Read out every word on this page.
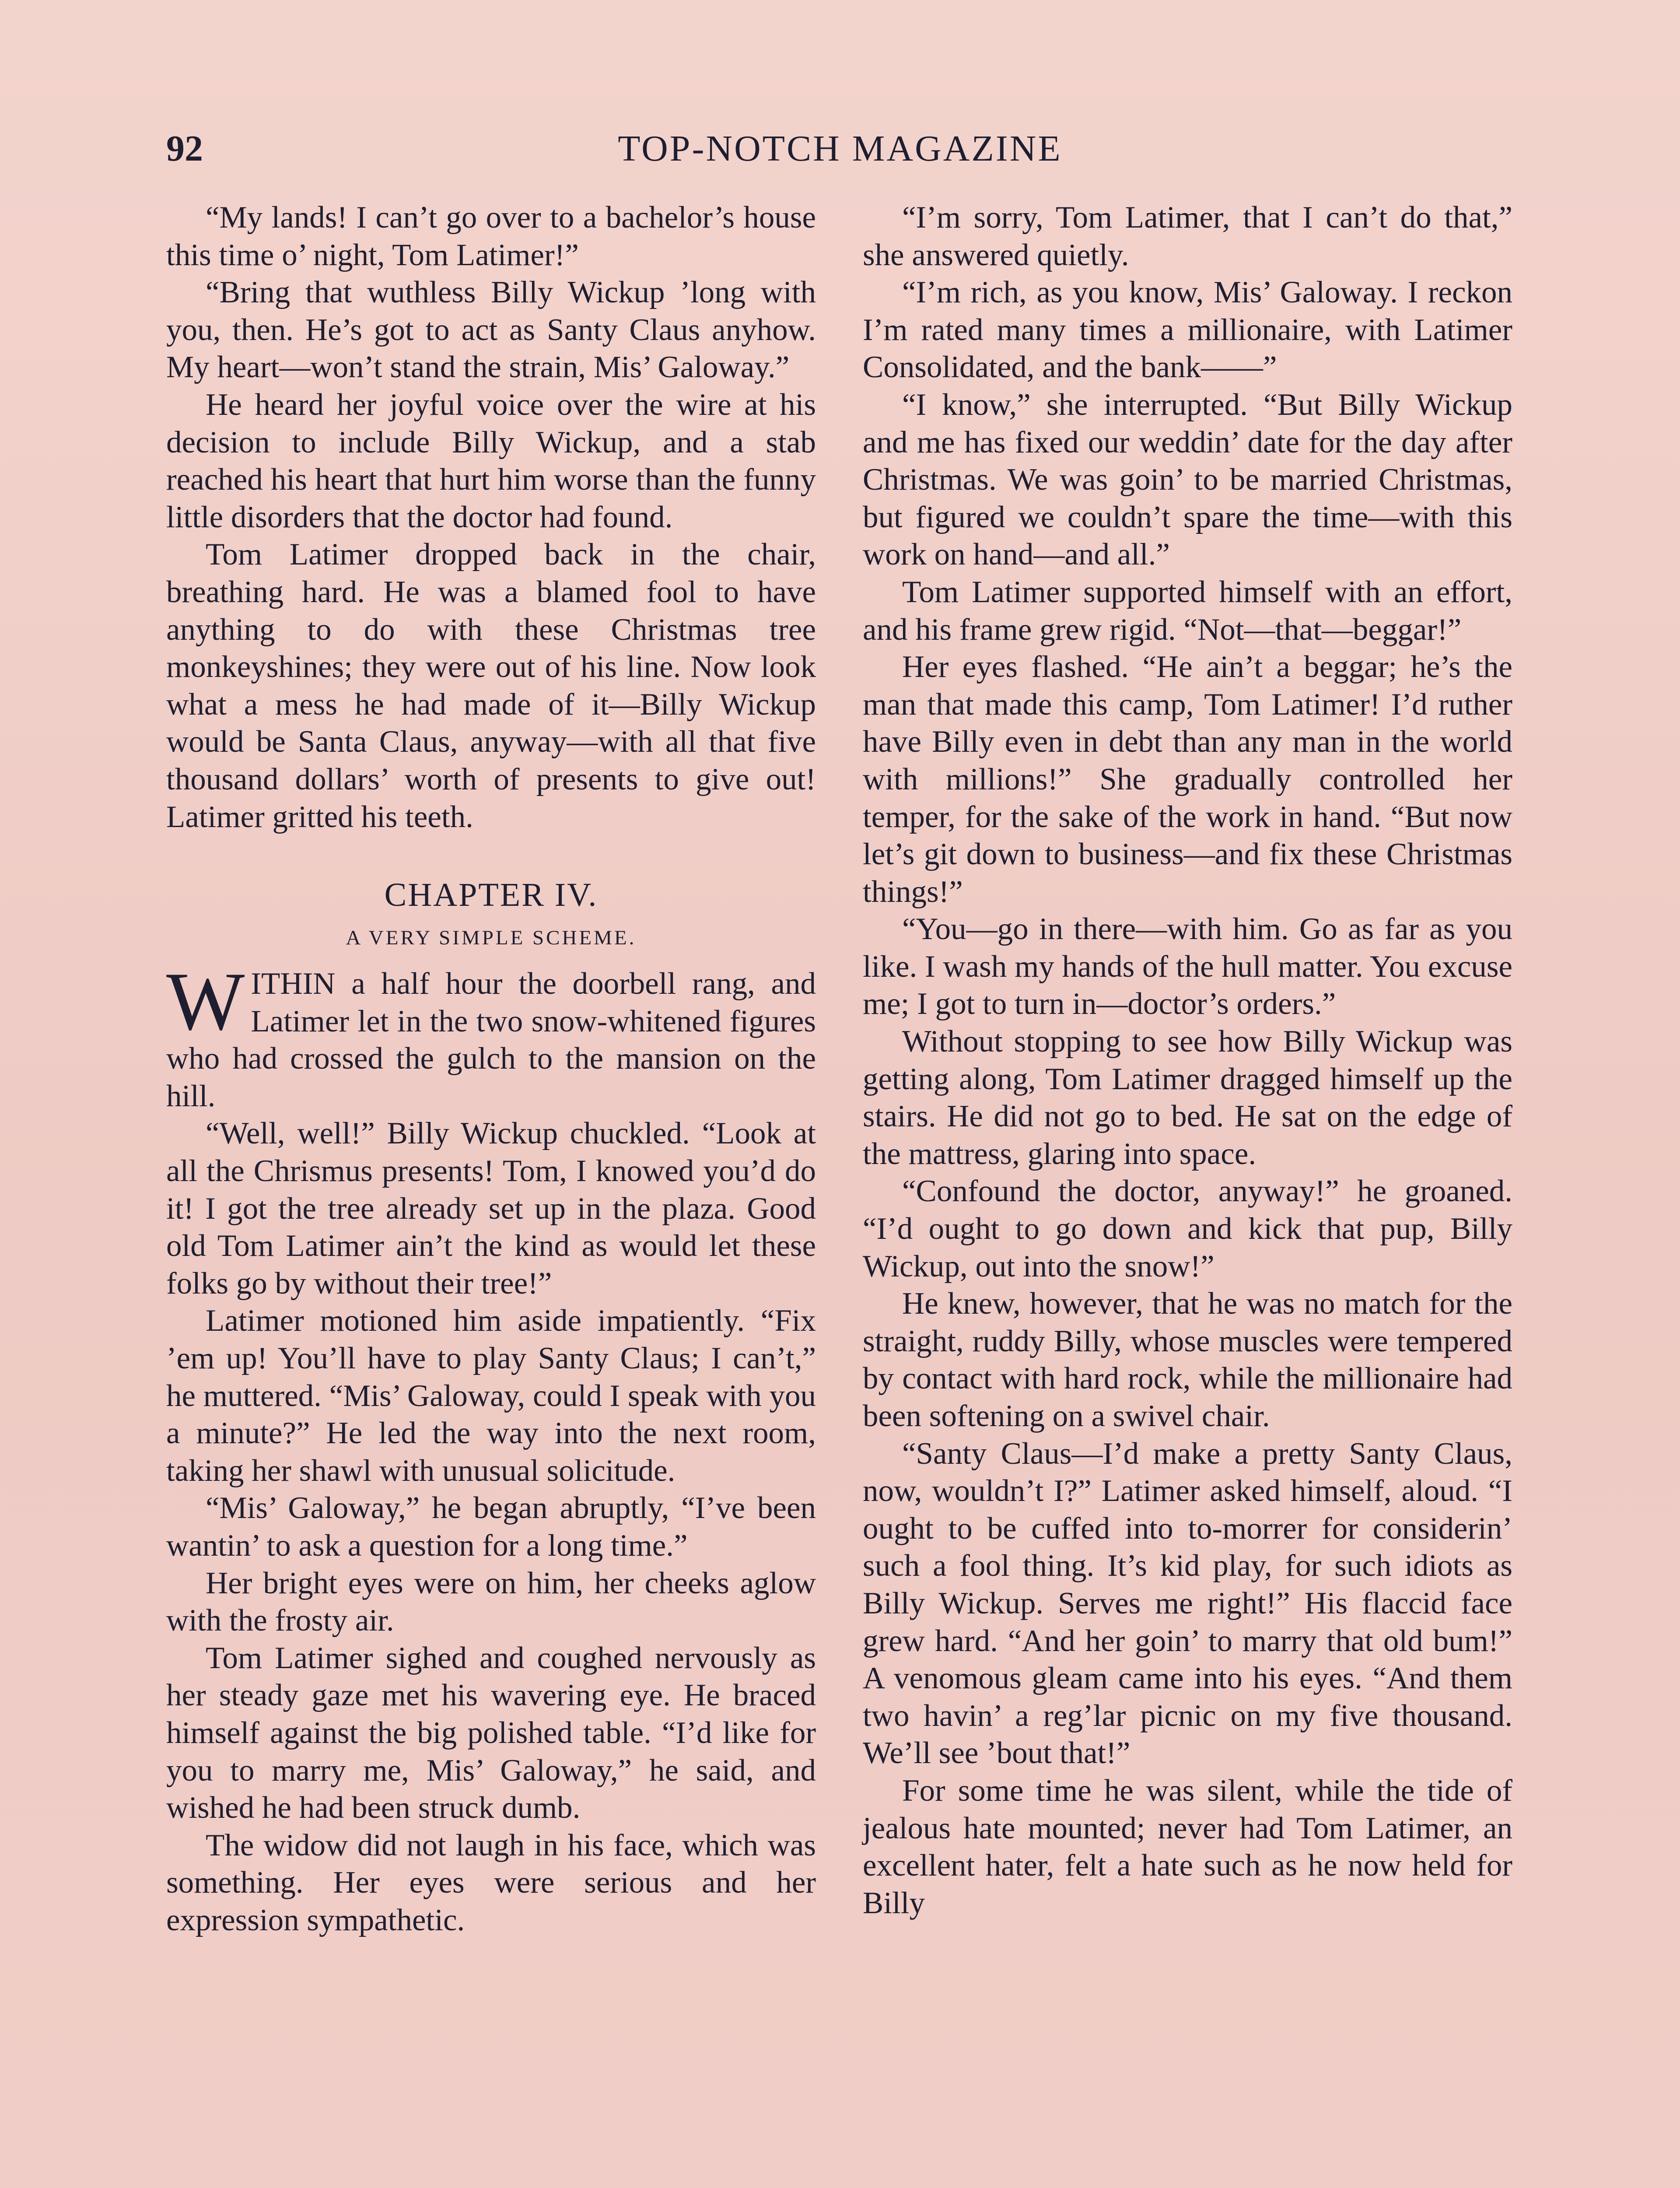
92	TOP-NOTCH MAGAZINE

“My lands! I can’t go over to a bachelor’s house this time o’ night, Tom Latimer!”

“Bring that wuthless Billy Wickup ’long with you, then. He’s got to act as Santy Claus anyhow. My heart—won’t stand the strain, Mis’ Galoway.”

He heard her joyful voice over the wire at his decision to include Billy Wickup, and a stab reached his heart that hurt him worse than the funny little disorders that the doctor had found.

Tom Latimer dropped back in the chair, breathing hard. He was a blamed fool to have anything to do with these Christmas tree monkeyshines; they were out of his line. Now look what a mess he had made of it—Billy Wickup would be Santa Claus, anyway—with all that five thousand dollars’ worth of presents to give out! Latimer gritted his teeth.

CHAPTER IV.
A VERY SIMPLE SCHEME.

WITHIN a half hour the doorbell rang, and Latimer let in the two snow-whitened figures who had crossed the gulch to the mansion on the hill.

“Well, well!” Billy Wickup chuckled. “Look at all the Chrismus presents! Tom, I knowed you’d do it! I got the tree already set up in the plaza. Good old Tom Latimer ain’t the kind as would let these folks go by without their tree!”

Latimer motioned him aside impatiently. “Fix ’em up! You’ll have to play Santy Claus; I can’t,” he muttered. “Mis’ Galoway, could I speak with you a minute?” He led the way into the next room, taking her shawl with unusual solicitude.

“Mis’ Galoway,” he began abruptly, “I’ve been wantin’ to ask a question for a long time.”

Her bright eyes were on him, her cheeks aglow with the frosty air.

Tom Latimer sighed and coughed nervously as her steady gaze met his wavering eye. He braced himself against the big polished table. “I’d like for you to marry me, Mis’ Galoway,” he said, and wished he had been struck dumb.

The widow did not laugh in his face, which was something. Her eyes were serious and her expression sympathetic.

“I’m sorry, Tom Latimer, that I can’t do that,” she answered quietly.

“I’m rich, as you know, Mis’ Galoway. I reckon I’m rated many times a millionaire, with Latimer Consolidated, and the bank——”

“I know,” she interrupted. “But Billy Wickup and me has fixed our weddin’ date for the day after Christmas. We was goin’ to be married Christmas, but figured we couldn’t spare the time—with this work on hand—and all.”

Tom Latimer supported himself with an effort, and his frame grew rigid. “Not—that—beggar!”

Her eyes flashed. “He ain’t a beggar; he’s the man that made this camp, Tom Latimer! I’d ruther have Billy even in debt than any man in the world with millions!” She gradually controlled her temper, for the sake of the work in hand. “But now let’s git down to business—and fix these Christmas things!”

“You—go in there—with him. Go as far as you like. I wash my hands of the hull matter. You excuse me; I got to turn in—doctor’s orders.”

Without stopping to see how Billy Wickup was getting along, Tom Latimer dragged himself up the stairs. He did not go to bed. He sat on the edge of the mattress, glaring into space.

“Confound the doctor, anyway!” he groaned. “I’d ought to go down and kick that pup, Billy Wickup, out into the snow!”

He knew, however, that he was no match for the straight, ruddy Billy, whose muscles were tempered by contact with hard rock, while the millionaire had been softening on a swivel chair.

“Santy Claus—I’d make a pretty Santy Claus, now, wouldn’t I?” Latimer asked himself, aloud. “I ought to be cuffed into to-morrer for considerin’ such a fool thing. It’s kid play, for such idiots as Billy Wickup. Serves me right!” His flaccid face grew hard. “And her goin’ to marry that old bum!” A venomous gleam came into his eyes. “And them two havin’ a reg’lar picnic on my five thousand. We’ll see ’bout that!”

For some time he was silent, while the tide of jealous hate mounted; never had Tom Latimer, an excellent hater, felt a hate such as he now held for Billy
